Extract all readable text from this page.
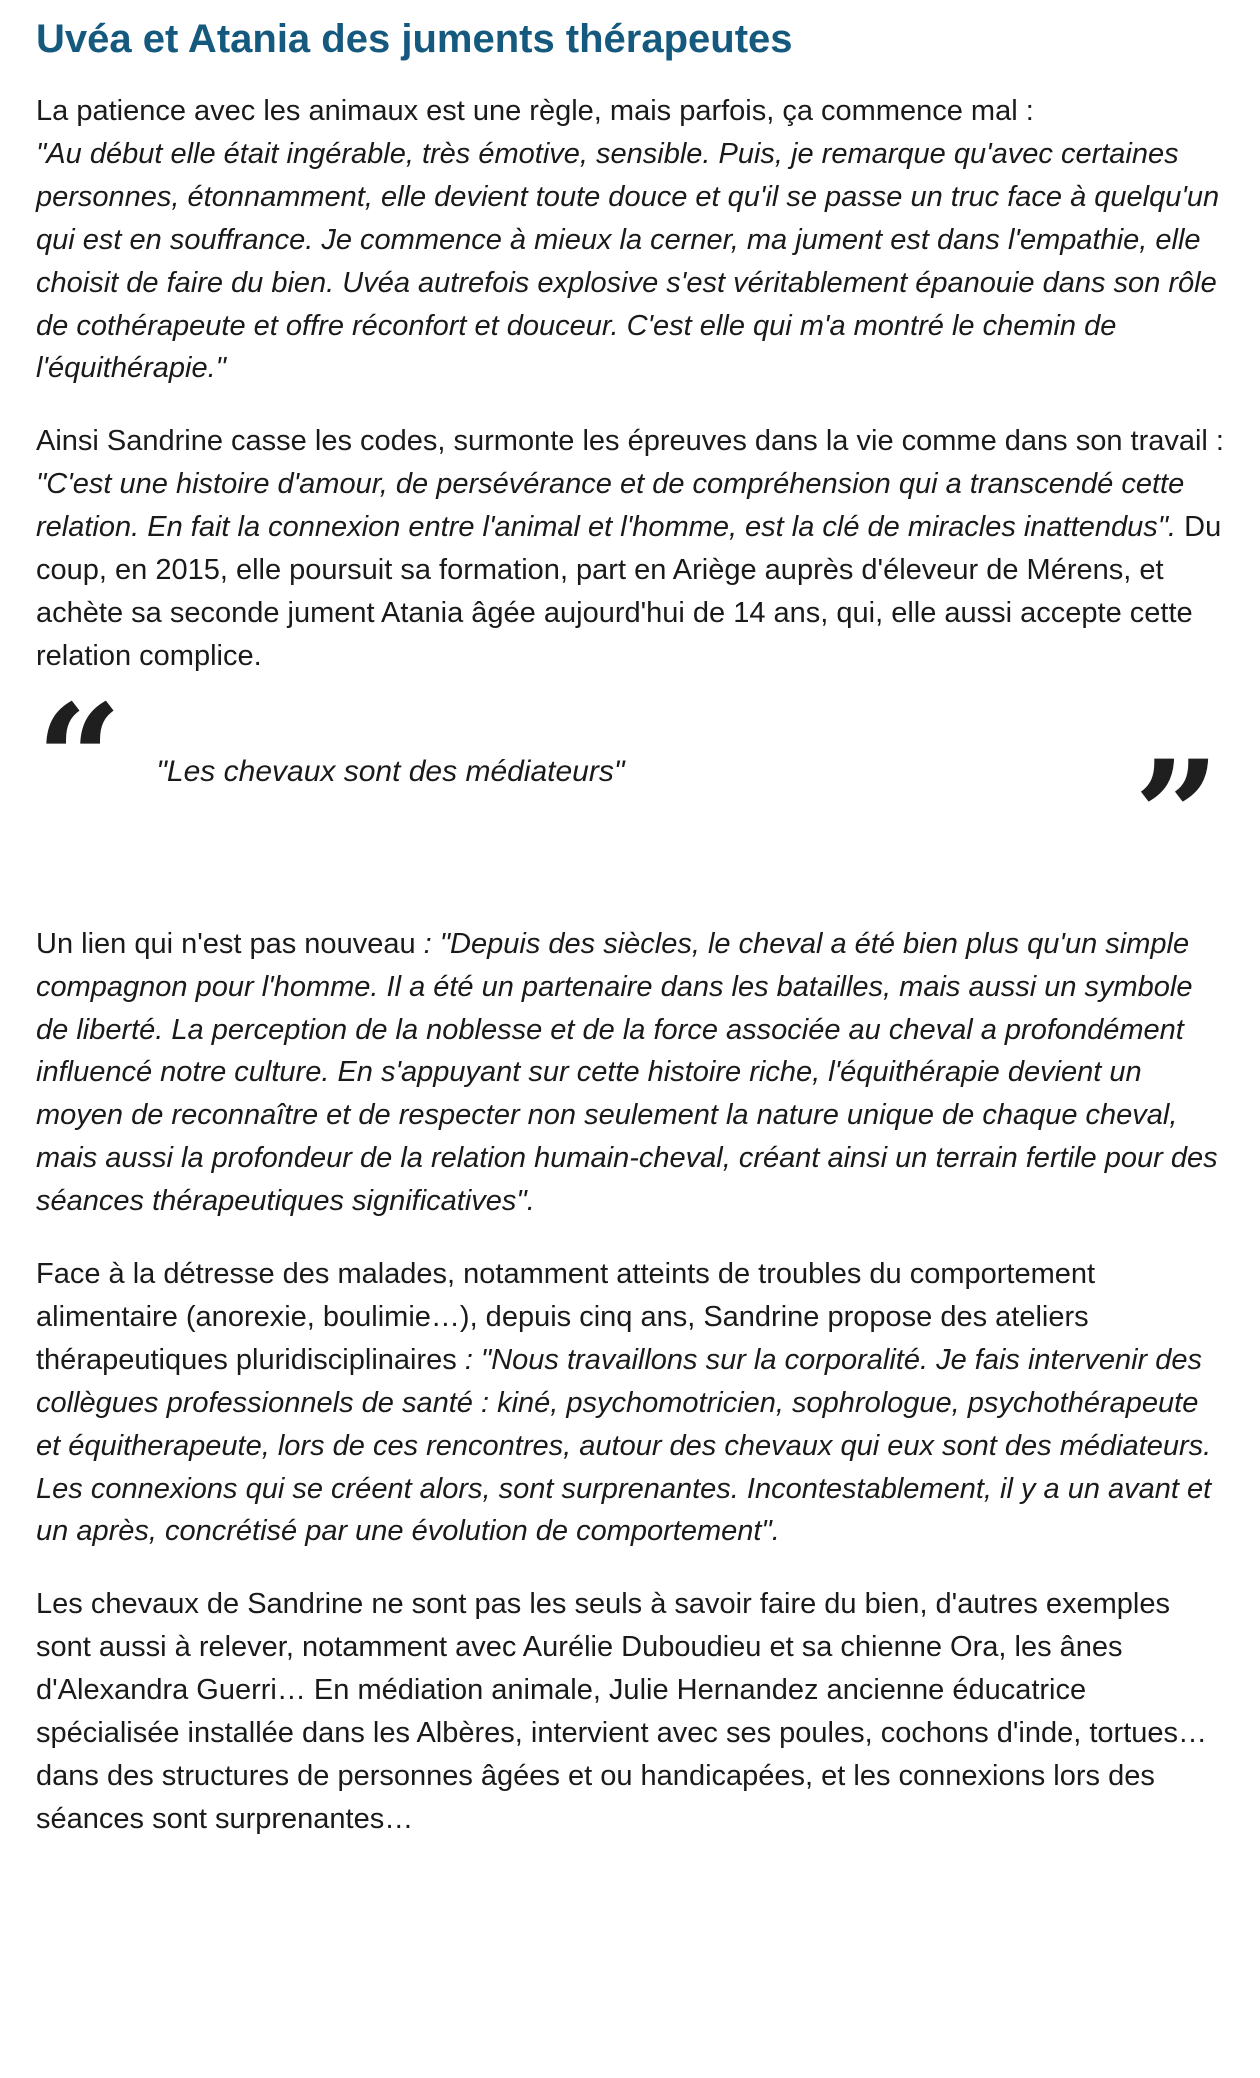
Uvéa et Atania des juments thérapeutes

La patience avec les animaux est une règle, mais parfois, ça commence mal :
"Au début elle était ingérable, très émotive, sensible. Puis, je remarque qu'avec certaines personnes, étonnamment, elle devient toute douce et qu'il se passe un truc face à quelqu'un qui est en souffrance. Je commence à mieux la cerner, ma jument est dans l'empathie, elle choisit de faire du bien. Uvéa autrefois explosive s'est véritablement épanouie dans son rôle de cothérapeute et offre réconfort et douceur. C'est elle qui m'a montré le chemin de l'équithérapie."

Ainsi Sandrine casse les codes, surmonte les épreuves dans la vie comme dans son travail : "C'est une histoire d'amour, de persévérance et de compréhension qui a transcendé cette relation. En fait la connexion entre l'animal et l'homme, est la clé de miracles inattendus". Du coup, en 2015, elle poursuit sa formation, part en Ariège auprès d'éleveur de Mérens, et achète sa seconde jument Atania âgée aujourd'hui de 14 ans, qui, elle aussi accepte cette relation complice.

“	"Les chevaux sont des médiateurs"	”

Un lien qui n'est pas nouveau : "Depuis des siècles, le cheval a été bien plus qu'un simple compagnon pour l'homme. Il a été un partenaire dans les batailles, mais aussi un symbole de liberté. La perception de la noblesse et de la force associée au cheval a profondément influencé notre culture. En s'appuyant sur cette histoire riche, l'équithérapie devient un moyen de reconnaître et de respecter non seulement la nature unique de chaque cheval, mais aussi la profondeur de la relation humain-cheval, créant ainsi un terrain fertile pour des séances thérapeutiques significatives".

Face à la détresse des malades, notamment atteints de troubles du comportement alimentaire (anorexie, boulimie…), depuis cinq ans, Sandrine propose des ateliers thérapeutiques pluridisciplinaires : "Nous travaillons sur la corporalité. Je fais intervenir des collègues professionnels de santé : kiné, psychomotricien, sophrologue, psychothérapeute et équitherapeute, lors de ces rencontres, autour des chevaux qui eux sont des médiateurs. Les connexions qui se créent alors, sont surprenantes. Incontestablement, il y a un avant et un après, concrétisé par une évolution de comportement".

Les chevaux de Sandrine ne sont pas les seuls à savoir faire du bien, d'autres exemples sont aussi à relever, notamment avec Aurélie Duboudieu et sa chienne Ora, les ânes d'Alexandra Guerri… En médiation animale, Julie Hernandez ancienne éducatrice spécialisée installée dans les Albères, intervient avec ses poules, cochons d'inde, tortues… dans des structures de personnes âgées et ou handicapées, et les connexions lors des séances sont surprenantes…
